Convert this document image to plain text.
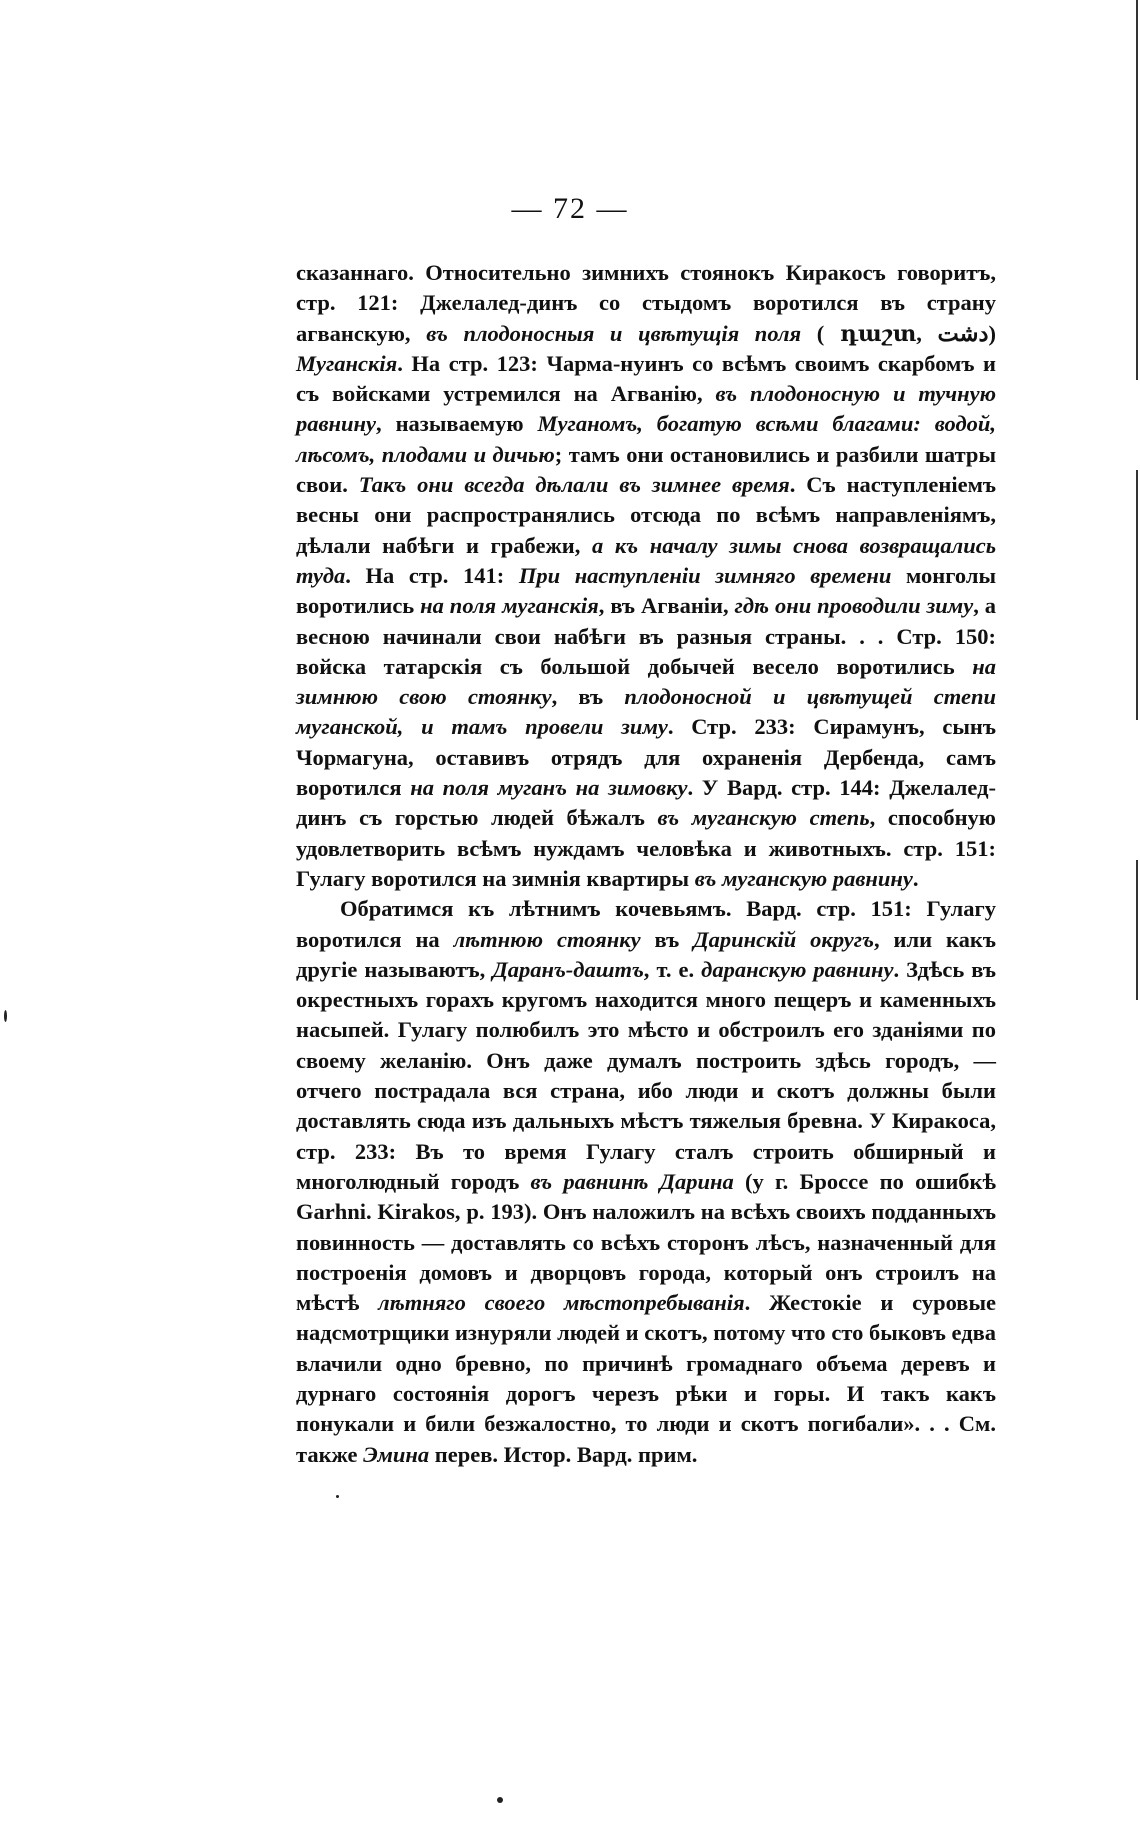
— 72 —

сказаннаго. Относительно зимнихъ стоянокъ Киракосъ говоритъ, стр. 121: Джелалед-динъ со стыдомъ воротился въ страну агванскую, въ плодоносныя и цвѣтущія поля ( դաշտ, دشت) Муганскія. На стр. 123: Чарма-нуинъ со всѣмъ своимъ скарбомъ и съ войсками устремился на Агванію, въ плодоносную и тучную равнину, называемую Муганомъ, богатую всѣми благами: водой, лѣсомъ, плодами и дичью; тамъ они остановились и разбили шатры свои. Такъ они всегда дѣлали въ зимнее время. Съ наступленіемъ весны они распространялись отсюда по всѣмъ направленіямъ, дѣлали набѣги и грабежи, а къ началу зимы снова возвращались туда. На стр. 141: При наступленіи зимняго времени монголы воротились на поля муганскія, въ Агваніи, гдѣ они проводили зиму, а весною начинали свои набѣги въ разныя страны. . . Стр. 150: войска татарскія съ большой добычей весело воротились на зимнюю свою стоянку, въ плодоносной и цвѣтущей степи муганской, и тамъ провели зиму. Стр. 233: Сирамунъ, сынъ Чормагуна, оставивъ отрядъ для охраненія Дербенда, самъ воротился на поля муганъ на зимовку. У Вард. стр. 144: Джелалед-динъ съ горстью людей бѣжалъ въ муганскую степь, способную удовлетворить всѣмъ нуждамъ человѣка и животныхъ. стр. 151: Гулагу воротился на зимнія квартиры въ муганскую равнину.

Обратимся къ лѣтнимъ кочевьямъ. Вард. стр. 151: Гулагу воротился на лѣтнюю стоянку въ Даринскій округъ, или какъ другіе называютъ, Даранъ-даштъ, т. е. даранскую равнину. Здѣсь въ окрестныхъ горахъ кругомъ находится много пещеръ и каменныхъ насыпей. Гулагу полюбилъ это мѣсто и обстроилъ его зданіями по своему желанію. Онъ даже думалъ построить здѣсь городъ, — отчего пострадала вся страна, ибо люди и скотъ должны были доставлять сюда изъ дальныхъ мѣстъ тяжелыя бревна. У Киракоса, стр. 233: Въ то время Гулагу сталъ строить обширный и многолюдный городъ въ равнинѣ Дарина (у г. Броссе по ошибкѣ Garhni. Kirakos, p. 193). Онъ наложилъ на всѣхъ своихъ подданныхъ повинность — доставлять со всѣхъ сторонъ лѣсъ, назначенный для построенія домовъ и дворцовъ города, который онъ строилъ на мѣстѣ лѣтняго своего мѣстопребыванія. Жестокіе и суровые надсмотрщики изнуряли людей и скотъ, потому что сто быковъ едва влачили одно бревно, по причинѣ громаднаго объема деревъ и дурнаго состоянія дорогъ черезъ рѣки и горы. И такъ какъ понукали и били безжалостно, то люди и скотъ погибали». . . См. также Эмина перев. Истор. Вард. прим.
